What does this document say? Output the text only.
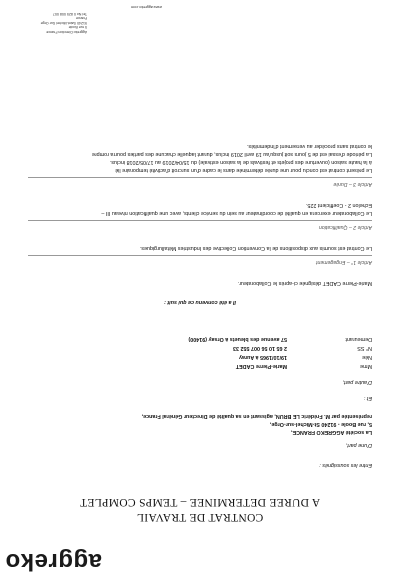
aggreko
CONTRAT DE TRAVAIL
A DUREE DETERMINEE – TEMPS COMPLET
Entre les soussignés :
D'une part,
La société AGGREKO FRANCE,
5, rue Boole - 91240 St-Michel-sur-Orge,
représentée par M. Frédéric LE BRUN, agissant en sa qualité de Directeur Général France,
Et :
D'autre part,
Mme
Marie-Pierre CADET
Née
19/10/1965 à Auray
N° SS
2 65 10 56 007 552 33
Demeurant
57 avenue des bleuets à Orsay (91400)
Il a été convenu ce qui suit :
Marie-Pierre CADET désignée ci-après le Collaborateur.
Article 1° – Engagement
Le Contrat est soumis aux dispositions de la Convention Collective des Industries Métallurgiques.
Article 2 – Qualification
Le Collaborateur exercera en qualité de coordinateur au sein du service clients, avec une qualification niveau III –
Echelon 2 - Coefficient 225.
Article 3 – Durée
Le présent contrat est conclu pour une durée déterminée dans le cadre d'un surcroit d'activité temporaire lié
à la haute saison (ouverture des projets et festivals de la saison estivale) du 15/04/2019 au 17/05/2018 inclus.
La période d'essai est de 5 jours soit jusqu'au 19 avril 2019 inclus, durant laquelle chacune des parties pourra rompre
le contrat sans procéder au versement d'indemnités.
Aggreko Direction France
5 rue Boole
91240 Saint-Michel Sur Orge
France
Tel No 0 825 008 007
www.aggreko.com
